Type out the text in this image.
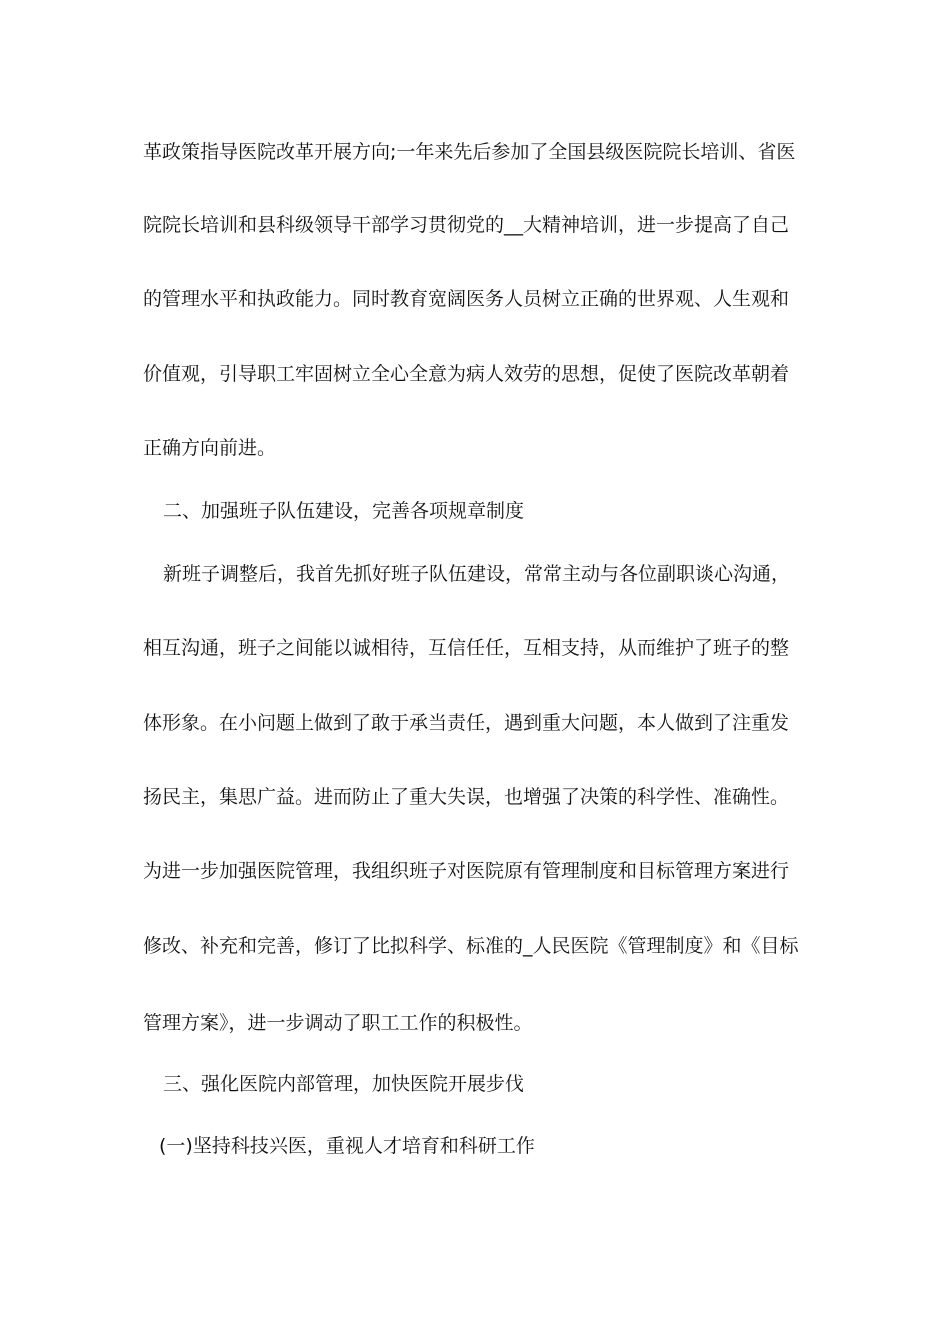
革政策指导医院改革开展方向;一年来先后参加了全国县级医院院长培训、省医
院院长培训和县科级领导干部学习贯彻党的__大精神培训，进一步提高了自己
的管理水平和执政能力。同时教育宽阔医务人员树立正确的世界观、人生观和
价值观，引导职工牢固树立全心全意为病人效劳的思想，促使了医院改革朝着
正确方向前进。
二、加强班子队伍建设，完善各项规章制度
新班子调整后，我首先抓好班子队伍建设，常常主动与各位副职谈心沟通，
相互沟通，班子之间能以诚相待，互信任任，互相支持，从而维护了班子的整
体形象。在小问题上做到了敢于承当责任，遇到重大问题，本人做到了注重发
扬民主，集思广益。进而防止了重大失误，也增强了决策的科学性、准确性。
为进一步加强医院管理，我组织班子对医院原有管理制度和目标管理方案进行
修改、补充和完善，修订了比拟科学、标准的_人民医院《管理制度》和《目标
管理方案》，进一步调动了职工工作的积极性。
三、强化医院内部管理，加快医院开展步伐
(一)坚持科技兴医，重视人才培育和科研工作
